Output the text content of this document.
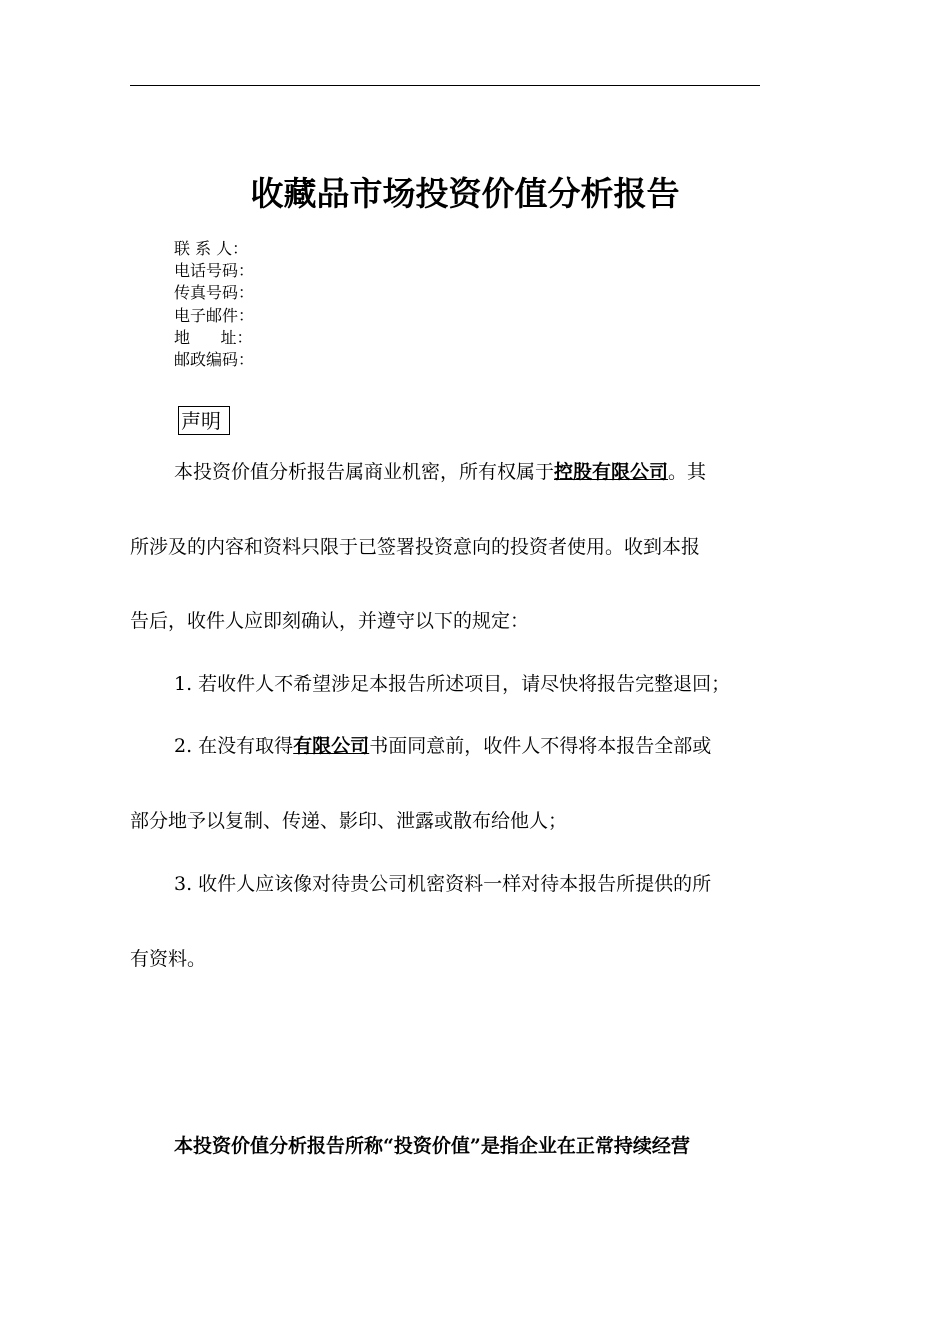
收藏品市场投资价值分析报告
联 系 人：
电话号码：
传真号码：
电子邮件：
地      址：
邮政编码：
声明
本投资价值分析报告属商业机密，所有权属于控股有限公司。其
所涉及的内容和资料只限于已签署投资意向的投资者使用。收到本报
告后，收件人应即刻确认，并遵守以下的规定：
1. 若收件人不希望涉足本报告所述项目，请尽快将报告完整退回；
2. 在没有取得有限公司书面同意前，收件人不得将本报告全部或
部分地予以复制、传递、影印、泄露或散布给他人；
3. 收件人应该像对待贵公司机密资料一样对待本报告所提供的所
有资料。
本投资价值分析报告所称“投资价值”是指企业在正常持续经营
